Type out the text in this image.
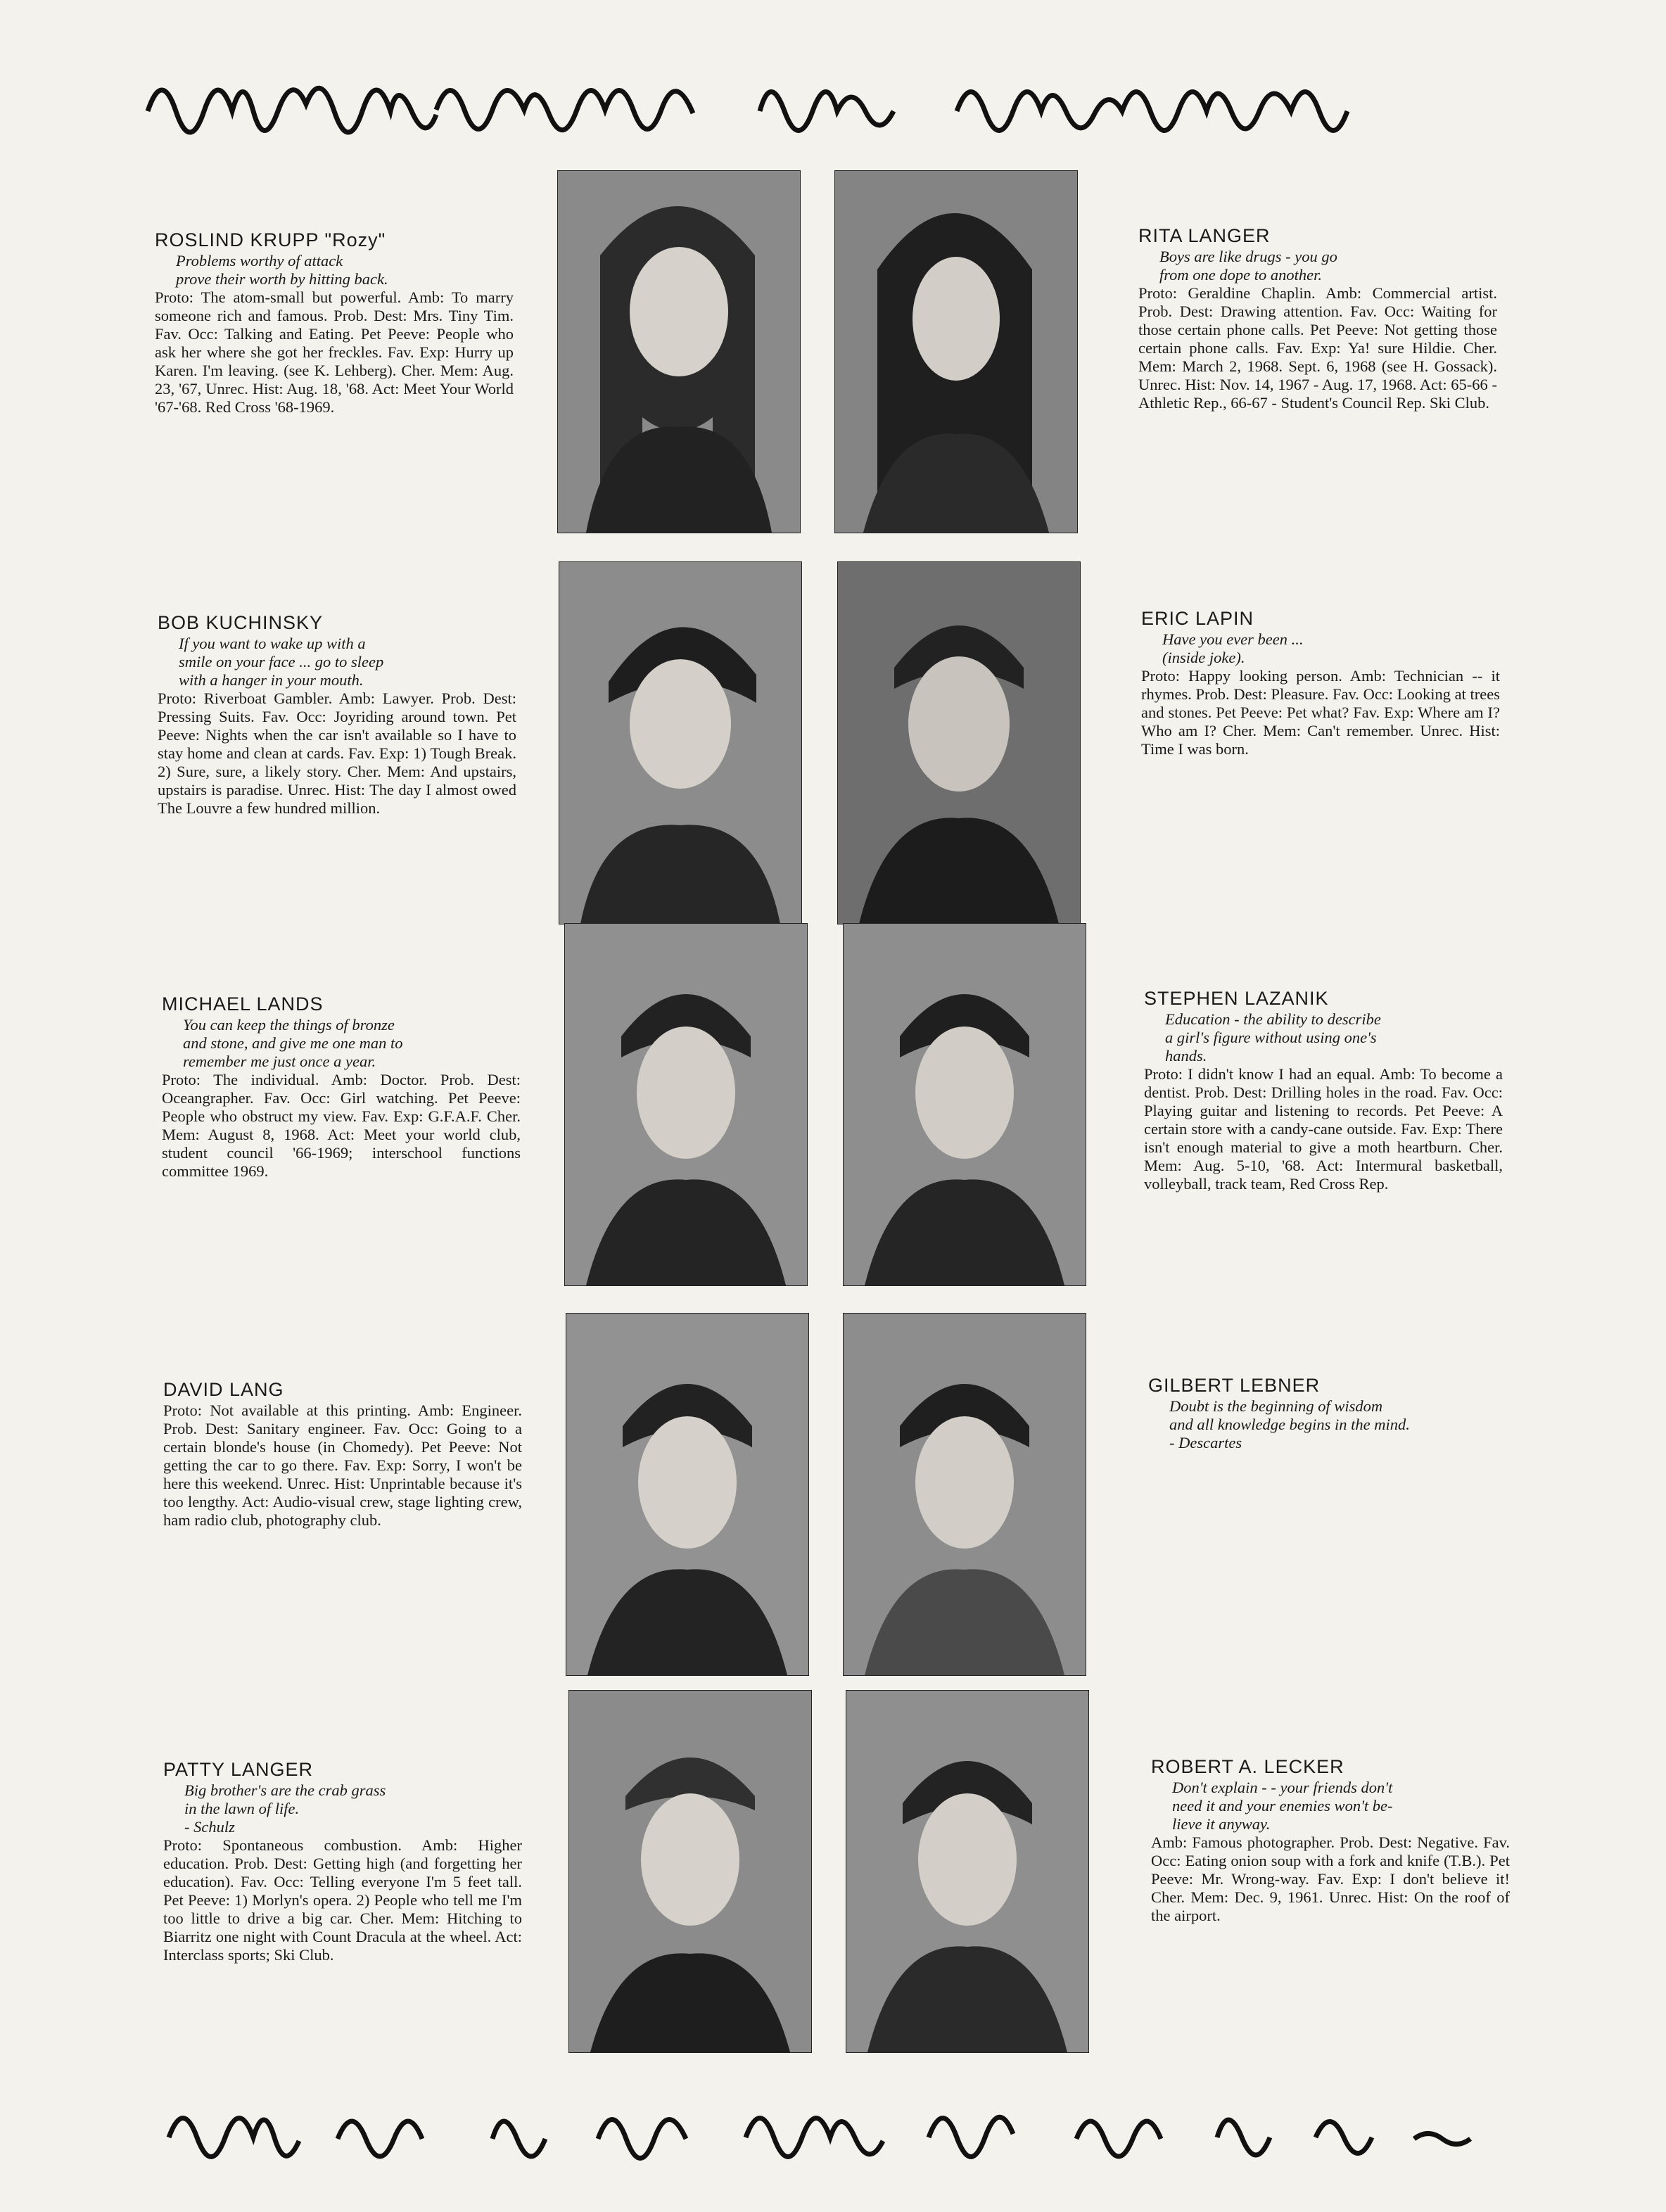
ROSLIND KRUPP "Rozy"
Problems worthy of attack
prove their worth by hitting back.
Proto: The atom-small but powerful. Amb: To marry someone rich and famous. Prob. Dest: Mrs. Tiny Tim. Fav. Occ: Talking and Eating. Pet Peeve: People who ask her where she got her freckles. Fav. Exp: Hurry up Karen. I'm leaving. (see K. Lehberg). Cher. Mem: Aug. 23, '67, Unrec. Hist: Aug. 18, '68. Act: Meet Your World '67-'68. Red Cross '68-1969.
RITA LANGER
Boys are like drugs - you go
from one dope to another.
Proto: Geraldine Chaplin. Amb: Commercial artist. Prob. Dest: Drawing attention. Fav. Occ: Waiting for those certain phone calls. Pet Peeve: Not getting those certain phone calls. Fav. Exp: Ya! sure Hildie. Cher. Mem: March 2, 1968. Sept. 6, 1968 (see H. Gossack). Unrec. Hist: Nov. 14, 1967 - Aug. 17, 1968. Act: 65-66 - Athletic Rep., 66-67 - Student's Council Rep. Ski Club.
BOB KUCHINSKY
If you want to wake up with a
smile on your face ... go to sleep
with a hanger in your mouth.
Proto: Riverboat Gambler. Amb: Lawyer. Prob. Dest: Pressing Suits. Fav. Occ: Joyriding around town. Pet Peeve: Nights when the car isn't available so I have to stay home and clean at cards. Fav. Exp: 1) Tough Break. 2) Sure, sure, a likely story. Cher. Mem: And upstairs, upstairs is paradise. Unrec. Hist: The day I almost owed The Louvre a few hundred million.
ERIC LAPIN
Have you ever been ...
(inside joke).
Proto: Happy looking person. Amb: Technician -- it rhymes. Prob. Dest: Pleasure. Fav. Occ: Looking at trees and stones. Pet Peeve: Pet what? Fav. Exp: Where am I? Who am I? Cher. Mem: Can't remember. Unrec. Hist: Time I was born.
MICHAEL LANDS
You can keep the things of bronze
and stone, and give me one man to
remember me just once a year.
Proto: The individual. Amb: Doctor. Prob. Dest: Oceangrapher. Fav. Occ: Girl watching. Pet Peeve: People who obstruct my view. Fav. Exp: G.F.A.F. Cher. Mem: August 8, 1968. Act: Meet your world club, student council '66-1969; interschool functions committee 1969.
STEPHEN LAZANIK
Education - the ability to describe
a girl's figure without using one's
hands.
Proto: I didn't know I had an equal. Amb: To become a dentist. Prob. Dest: Drilling holes in the road. Fav. Occ: Playing guitar and listening to records. Pet Peeve: A certain store with a candy-cane outside. Fav. Exp: There isn't enough material to give a moth heartburn. Cher. Mem: Aug. 5-10, '68. Act: Intermural basketball, volleyball, track team, Red Cross Rep.
DAVID LANG
Proto: Not available at this printing. Amb: Engineer. Prob. Dest: Sanitary engineer. Fav. Occ: Going to a certain blonde's house (in Chomedy). Pet Peeve: Not getting the car to go there. Fav. Exp: Sorry, I won't be here this weekend. Unrec. Hist: Unprintable because it's too lengthy. Act: Audio-visual crew, stage lighting crew, ham radio club, photography club.
GILBERT LEBNER
Doubt is the beginning of wisdom
and all knowledge begins in the mind.
- Descartes
PATTY LANGER
Big brother's are the crab grass
in the lawn of life.
- Schulz
Proto: Spontaneous combustion. Amb: Higher education. Prob. Dest: Getting high (and forgetting her education). Fav. Occ: Telling everyone I'm 5 feet tall. Pet Peeve: 1) Morlyn's opera. 2) People who tell me I'm too little to drive a big car. Cher. Mem: Hitching to Biarritz one night with Count Dracula at the wheel. Act: Interclass sports; Ski Club.
ROBERT A. LECKER
Don't explain - - your friends don't
need it and your enemies won't be-
lieve it anyway.
Amb: Famous photographer. Prob. Dest: Negative. Fav. Occ: Eating onion soup with a fork and knife (T.B.). Pet Peeve: Mr. Wrong-way. Fav. Exp: I don't believe it! Cher. Mem: Dec. 9, 1961. Unrec. Hist: On the roof of the airport.
